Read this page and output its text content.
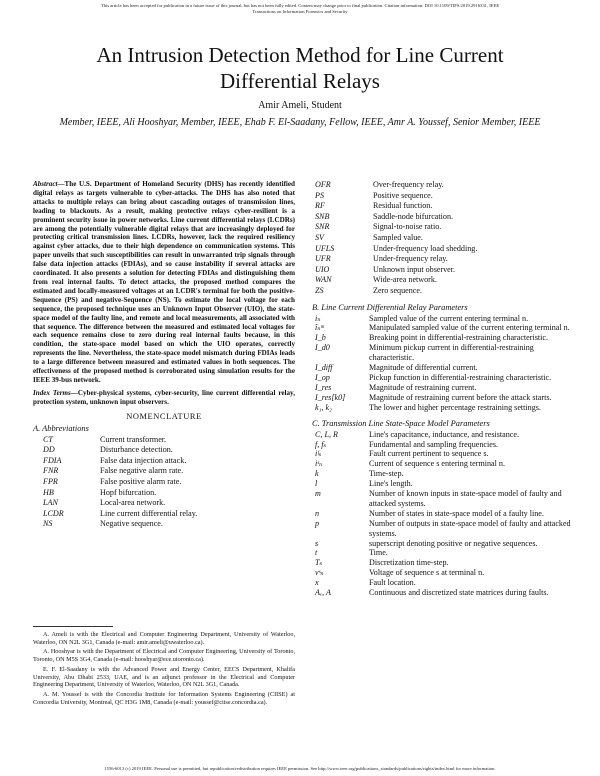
This article has been accepted for publication in a future issue of this journal, but has not been fully edited. Content may change prior to final publication. Citation information: DOI 10.1109/TIFS.2019.2916331, IEEE
Transactions on Information Forensics and Security
An Intrusion Detection Method for Line Current
Differential Relays
Amir Ameli, Student
Member, IEEE, Ali Hooshyar, Member, IEEE, Ehab F. El-Saadany, Fellow, IEEE, Amr A. Youssef, Senior Member, IEEE

Abstract—The U.S. Department of Homeland Security (DHS) has recently identified digital relays as targets vulnerable to cyber-attacks. The DHS has also noted that attacks to multiple relays can bring about cascading outages of transmission lines, leading to blackouts. As a result, making protective relays cyber-resilient is a prominent security issue in power networks. Line current differential relays (LCDRs) are among the potentially vulnerable digital relays that are increasingly deployed for protecting critical transmission lines. LCDRs, however, lack the required resiliency against cyber attacks, due to their high dependence on communication systems. This paper unveils that such susceptibilities can result in unwarranted trip signals through false data injection attacks (FDIAs), and so cause instability if several attacks are coordinated. It also presents a solution for detecting FDIAs and distinguishing them from real internal faults. To detect attacks, the proposed method compares the estimated and locally-measured voltages at an LCDR's terminal for both the positive-Sequence (PS) and negative-Sequence (NS). To estimate the local voltage for each sequence, the proposed technique uses an Unknown Input Observer (UIO), the state-space model of the faulty line, and remote and local measurements, all associated with that sequence. The difference between the measured and estimated local voltages for each sequence remains close to zero during real internal faults because, in this condition, the state-space model based on which the UIO operates, correctly represents the line. Nevertheless, the state-space model mismatch during FDIAs leads to a large difference between measured and estimated values in both sequences. The effectiveness of the proposed method is corroborated using simulation results for the IEEE 39-bus network.

Index Terms—Cyber-physical systems, cyber-security, line current differential relay, protection system, unknown input observers.

NOMENCLATURE
A. Abbreviations
CT	Current transformer.
DD	Disturbance detection.
FDIA	False data injection attack.
FNR	False negative alarm rate.
FPR	False positive alarm rate.
HB	Hopf bifurcation.
LAN	Local-area network.
LCDR	Line current differential relay.
NS	Negative sequence.

A. Ameli is with the Electrical and Computer Engineering Department, University of Waterloo, Waterloo, ON N2L 3G1, Canada (e-mail: amir.ameli@uwaterloo.ca).

A. Hooshyar is with the Department of Electrical and Computer Engineering, University of Toronto, Toronto, ON M5S 3G4, Canada (e-mail: hooshyar@ece.utoronto.ca).

E. F. El-Saadany is with the Advanced Power and Energy Center, EECS Department, Khalifa University, Abu Dhabi 2533, UAE, and is an adjunct professor in the Electrical and Computer Engineering Department, University of Waterloo, Waterloo, ON N2L 3G1, Canada.

A. M. Youssef is with the Concordia Institute for Information Systems Engineering (CIISE) at Concordia University, Montreal, QC H3G 1M8, Canada (e-mail: youssef@ciise.concordia.ca).

OFR	Over-frequency relay.
PS	Positive sequence.
RF	Residual function.
SNB	Saddle-node bifurcation.
SNR	Signal-to-noise ratio.
SV	Sampled value.
UFLS	Under-frequency load shedding.
UFR	Under-frequency relay.
UIO	Unknown input observer.
WAN	Wide-area network.
ZS	Zero sequence.
B. Line Current Differential Relay Parameters
iₙ	Sampled value of the current entering terminal n.
îₙᵐ	Manipulated sampled value of the current entering terminal n.
I_b	Breaking point in differential-restraining characteristic.
I_d0	Minimum pickup current in differential-restraining characteristic.
I_diff	Magnitude of differential current.
I_op	Pickup function in differential-restraining characteristic.
I_res	Magnitude of restraining current.
I_res[k0]	Magnitude of restraining current before the attack starts.
k₁, k₂	The lower and higher percentage restraining settings.
C. Transmission Line State-Space Model Parameters
C, L, R	Line's capacitance, inductance, and resistance.
f, fₛ	Fundamental and sampling frequencies.
iᶠₛ	Fault current pertinent to sequence s.
iˢₙ	Current of sequence s entering terminal n.
k	Time-step.
l	Line's length.
m	Number of known inputs in state-space model of faulty and attacked systems.
n	Number of states in state-space model of a faulty line.
p	Number of outputs in state-space model of faulty and attacked systems.
s	superscript denoting positive or negative sequences.
t	Time.
Tₛ	Discretization time-step.
vˢₙ	Voltage of sequence s at terminal n.
x	Fault location.
Aₑ, A	Continuous and discretized state matrices during faults.
1556-6013 (c) 2019 IEEE. Personal use is permitted, but republication/redistribution requires IEEE permission. See http://www.ieee.org/publications_standards/publications/rights/index.html for more information.
